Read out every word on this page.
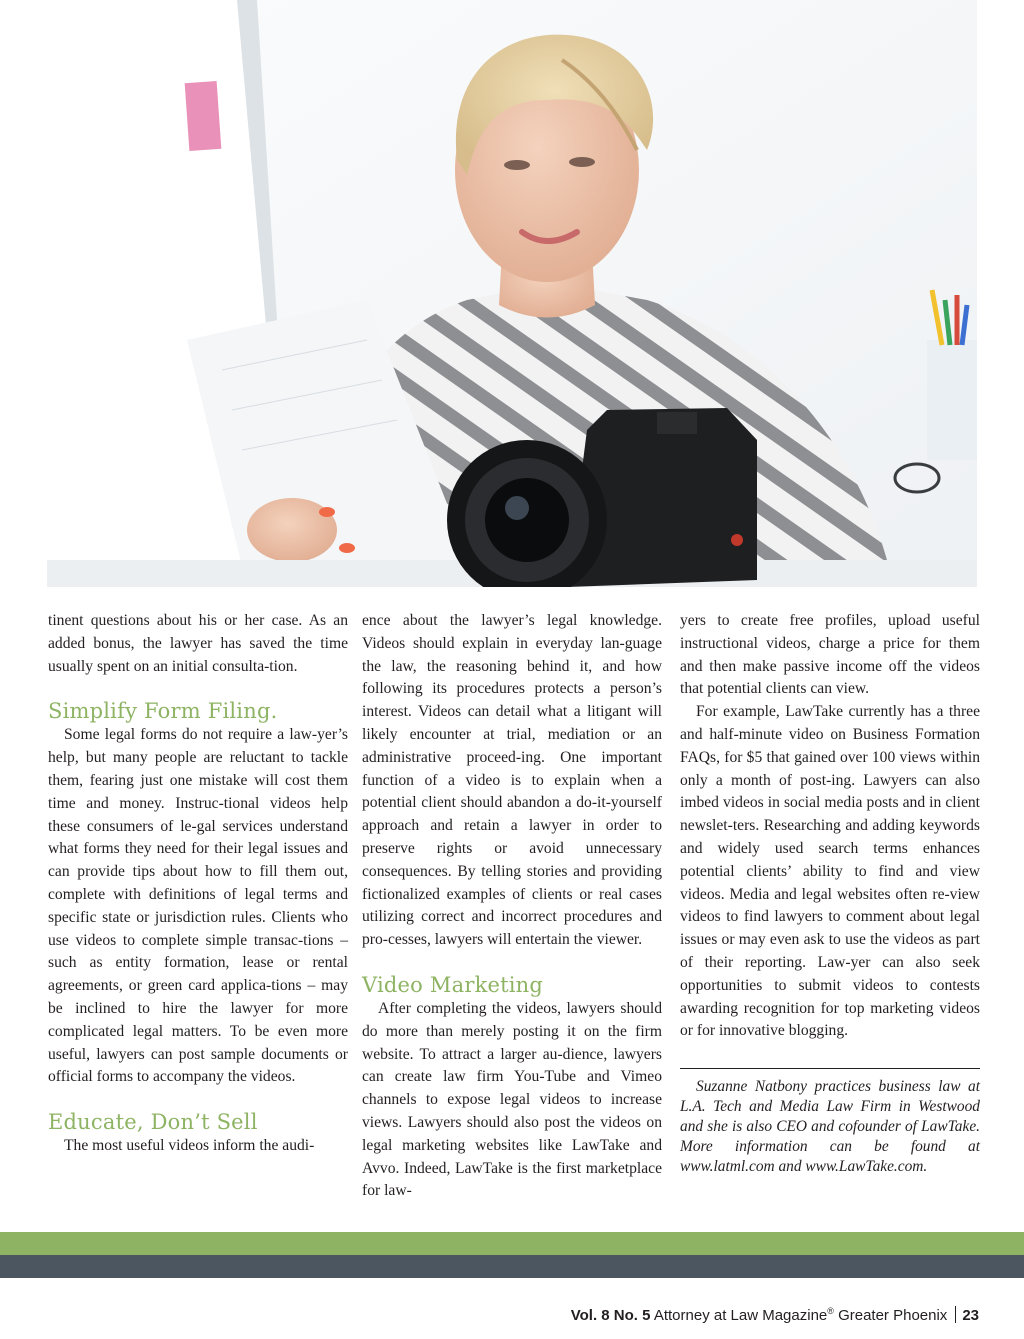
tinent questions about his or her case. As an added bonus, the lawyer has saved the time usually spent on an initial consulta-tion.

Simplify Form Filing.

Some legal forms do not require a law-yer’s help, but many people are reluctant to tackle them, fearing just one mistake will cost them time and money. Instruc-tional videos help these consumers of le-gal services understand what forms they need for their legal issues and can provide tips about how to fill them out, complete with definitions of legal terms and specific state or jurisdiction rules. Clients who use videos to complete simple transac-tions – such as entity formation, lease or rental agreements, or green card applica-tions – may be inclined to hire the lawyer for more complicated legal matters. To be even more useful, lawyers can post sample documents or official forms to accompany the videos.

Educate, Don’t Sell

The most useful videos inform the audi-

ence about the lawyer’s legal knowledge. Videos should explain in everyday lan-guage the law, the reasoning behind it, and how following its procedures protects a person’s interest. Videos can detail what a litigant will likely encounter at trial, mediation or an administrative proceed-ing. One important function of a video is to explain when a potential client should abandon a do-it-yourself approach and retain a lawyer in order to preserve rights or avoid unnecessary consequences. By telling stories and providing fictionalized examples of clients or real cases utilizing correct and incorrect procedures and pro-cesses, lawyers will entertain the viewer.

Video Marketing

After completing the videos, lawyers should do more than merely posting it on the firm website. To attract a larger au-dience, lawyers can create law firm You-Tube and Vimeo channels to expose legal videos to increase views. Lawyers should also post the videos on legal marketing websites like LawTake and Avvo. Indeed, LawTake is the first marketplace for law-

yers to create free profiles, upload useful instructional videos, charge a price for them and then make passive income off the videos that potential clients can view.

For example, LawTake currently has a three and half-minute video on Business Formation FAQs, for $5 that gained over 100 views within only a month of post-ing. Lawyers can also imbed videos in social media posts and in client newslet-ters. Researching and adding keywords and widely used search terms enhances potential clients’ ability to find and view videos. Media and legal websites often re-view videos to find lawyers to comment about legal issues or may even ask to use the videos as part of their reporting. Law-yer can also seek opportunities to submit videos to contests awarding recognition for top marketing videos or for innovative blogging.

Suzanne Natbony practices business law at L.A. Tech and Media Law Firm in Westwood and she is also CEO and cofounder of LawTake. More information can be found at www.latml.com and www.LawTake.com.

Vol. 8 No. 5 Attorney at Law Magazine® Greater Phoenix 23
